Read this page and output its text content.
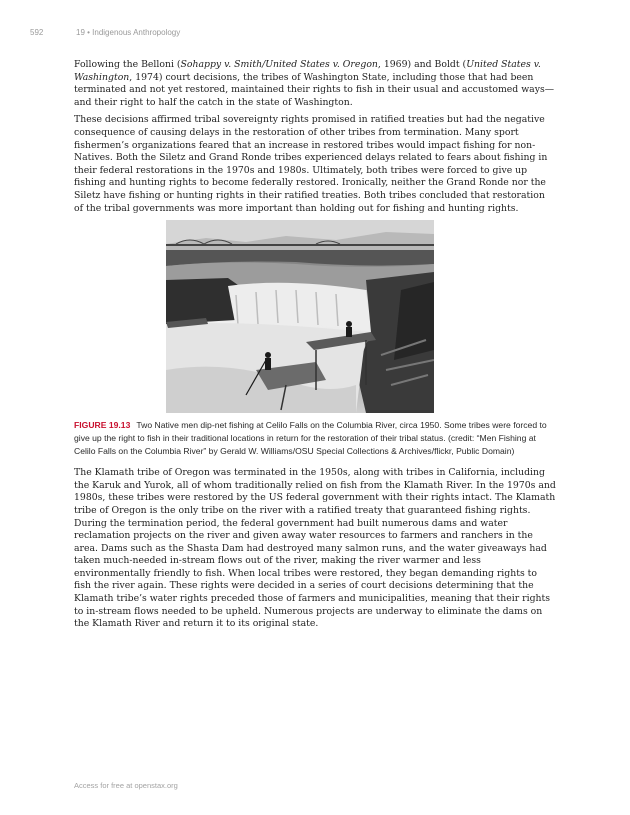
592	19 • Indigenous Anthropology

Following the Belloni (Sohappy v. Smith/United States v. Oregon, 1969) and Boldt (United States v. Washington, 1974) court decisions, the tribes of Washington State, including those that had been terminated and not yet restored, maintained their rights to fish in their usual and accustomed ways—and their right to half the catch in the state of Washington.

These decisions affirmed tribal sovereignty rights promised in ratified treaties but had the negative consequence of causing delays in the restoration of other tribes from termination. Many sport fishermen’s organizations feared that an increase in restored tribes would impact fishing for non-Natives. Both the Siletz and Grand Ronde tribes experienced delays related to fears about fishing in their federal restorations in the 1970s and 1980s. Ultimately, both tribes were forced to give up fishing and hunting rights to become federally restored. Ironically, neither the Grand Ronde nor the Siletz have fishing or hunting rights in their ratified treaties. Both tribes concluded that restoration of the tribal governments was more important than holding out for fishing and hunting rights.

FIGURE 19.13 Two Native men dip-net fishing at Celilo Falls on the Columbia River, circa 1950. Some tribes were forced to give up the right to fish in their traditional locations in return for the restoration of their tribal status. (credit: “Men Fishing at Celilo Falls on the Columbia River” by Gerald W. Williams/OSU Special Collections & Archives/flickr, Public Domain)

The Klamath tribe of Oregon was terminated in the 1950s, along with tribes in California, including the Karuk and Yurok, all of whom traditionally relied on fish from the Klamath River. In the 1970s and 1980s, these tribes were restored by the US federal government with their rights intact. The Klamath tribe of Oregon is the only tribe on the river with a ratified treaty that guaranteed fishing rights. During the termination period, the federal government had built numerous dams and water reclamation projects on the river and given away water resources to farmers and ranchers in the area. Dams such as the Shasta Dam had destroyed many salmon runs, and the water giveaways had taken much-needed in-stream flows out of the river, making the river warmer and less environmentally friendly to fish. When local tribes were restored, they began demanding rights to fish the river again. These rights were decided in a series of court decisions determining that the Klamath tribe’s water rights preceded those of farmers and municipalities, meaning that their rights to in-stream flows needed to be upheld. Numerous projects are underway to eliminate the dams on the Klamath River and return it to its original state.

Access for free at openstax.org
